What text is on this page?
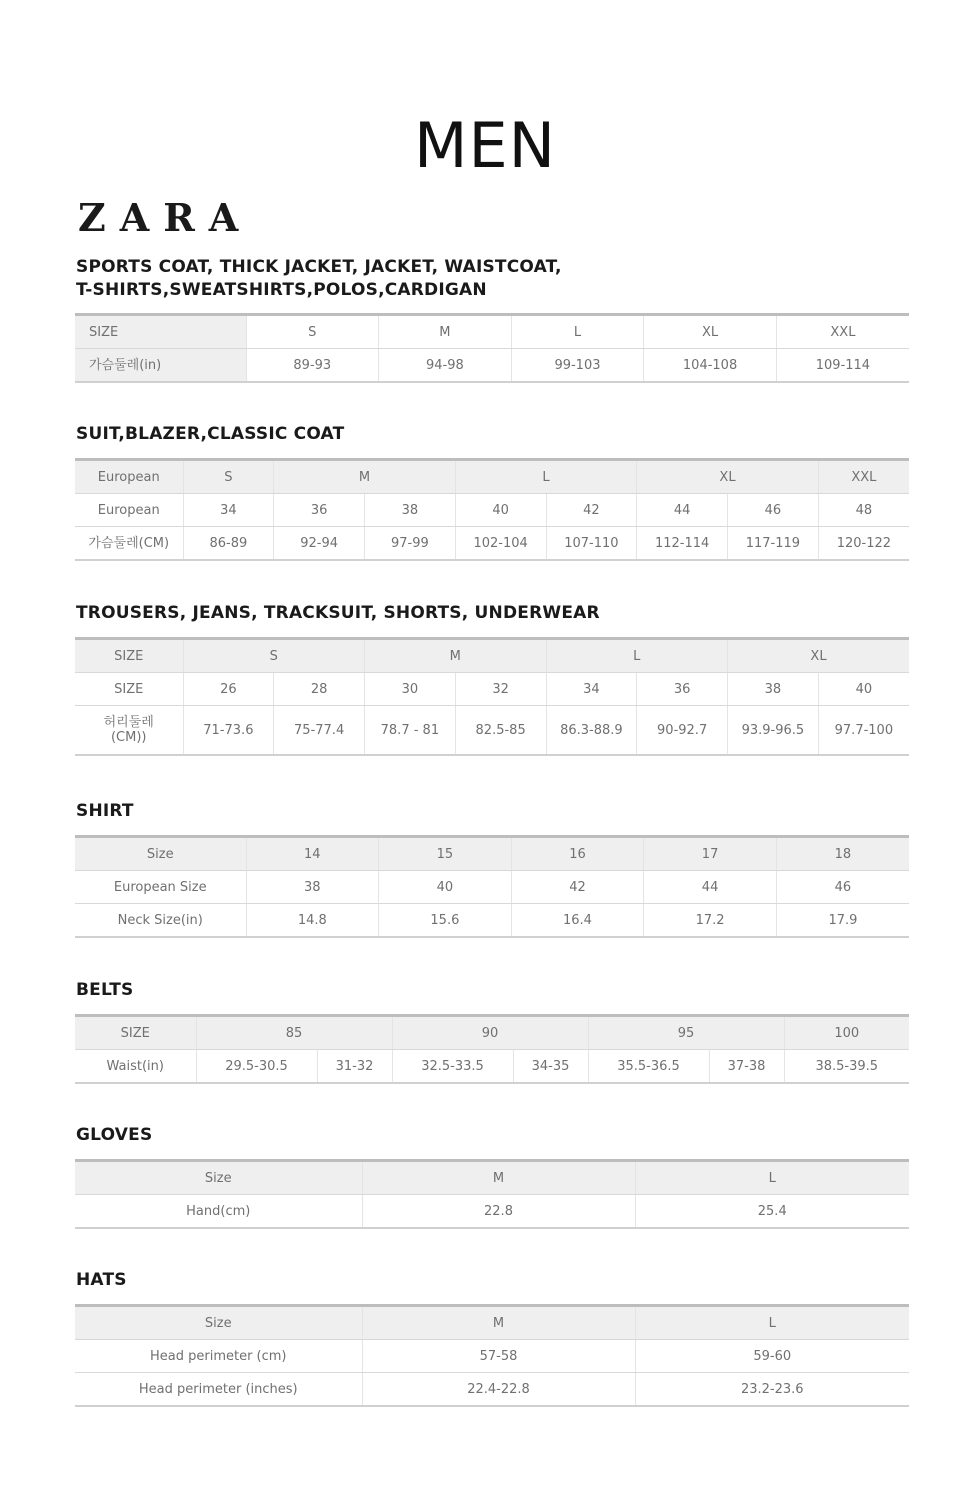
MEN
ZARA
SPORTS COAT, THICK JACKET, JACKET, WAISTCOAT,
T-SHIRTS,SWEATSHIRTS,POLOS,CARDIGAN
SIZE	S	M	L	XL	XXL
가슴둘레(in)	89-93	94-98	99-103	104-108	109-114
SUIT,BLAZER,CLASSIC COAT
European	S	M		L		XL		XXL
European	34	36	38	40	42	44	46	48
가슴둘레(CM)	86-89	92-94	97-99	102-104	107-110	112-114	117-119	120-122
TROUSERS, JEANS, TRACKSUIT, SHORTS, UNDERWEAR
SIZE	S		M		L		XL	
SIZE	26	28	30	32	34	36	38	40

허리둘레
(CM))	71-73.6	75-77.4	78.7 - 81	82.5-85	86.3-88.9	90-92.7	93.9-96.5	97.7-100
SHIRT
Size	14	15	16	17	18
European Size	38	40	42	44	46
Neck Size(in)	14.8	15.6	16.4	17.2	17.9
BELTS
SIZE	85		90		95		100
Waist(in)	29.5-30.5	31-32	32.5-33.5	34-35	35.5-36.5	37-38	38.5-39.5
GLOVES
Size	M	L
Hand(cm)	22.8	25.4
HATS
Size	M	L
Head perimeter (cm)	57-58	59-60
Head perimeter (inches)	22.4-22.8	23.2-23.6
